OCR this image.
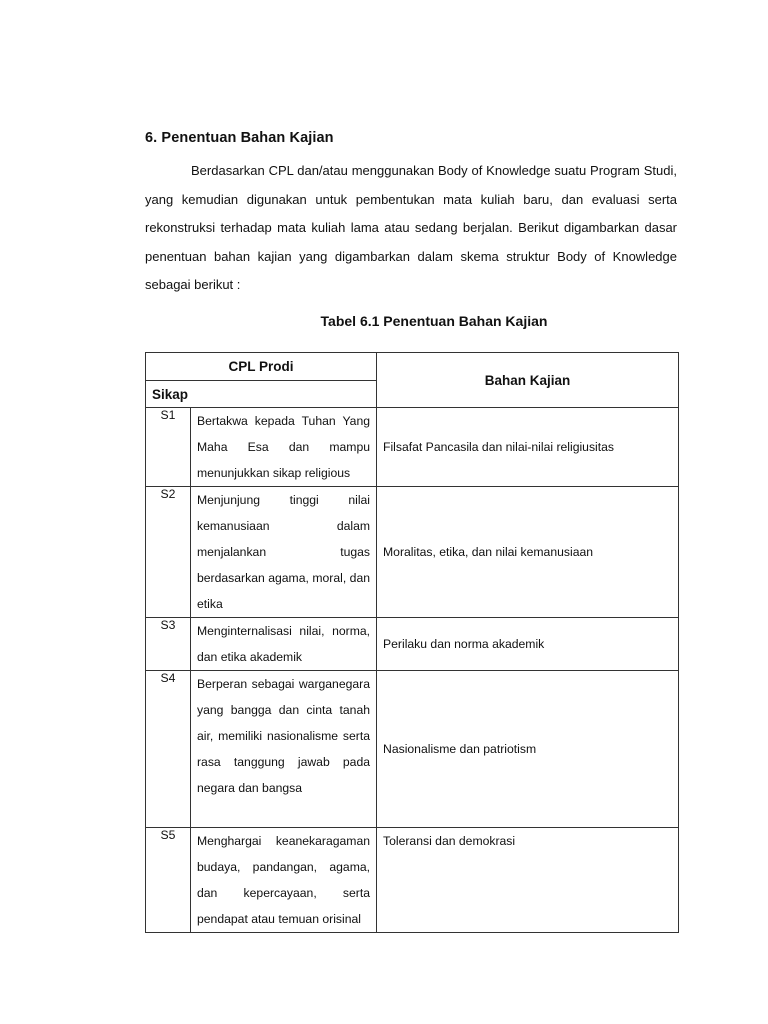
6. Penentuan Bahan Kajian

Berdasarkan CPL dan/atau menggunakan Body of Knowledge suatu Program Studi, yang kemudian digunakan untuk pembentukan mata kuliah baru, dan evaluasi serta rekonstruksi terhadap mata kuliah lama atau sedang berjalan. Berikut digambarkan dasar penentuan bahan kajian yang digambarkan dalam skema struktur Body of Knowledge sebagai berikut :

Tabel 6.1 Penentuan Bahan Kajian
CPL Prodi		Bahan Kajian
Sikap		
S1	Bertakwa kepada Tuhan Yang Maha Esa dan mampu menunjukkan sikap religious	Filsafat Pancasila dan nilai-nilai religiusitas
S2	Menjunjung tinggi nilai kemanusiaan dalam menjalankan tugas berdasarkan agama, moral, dan etika	Moralitas, etika, dan nilai kemanusiaan
S3	Menginternalisasi nilai, norma, dan etika akademik	Perilaku dan norma akademik
S4	Berperan sebagai warganegara yang bangga dan cinta tanah air, memiliki nasionalisme serta rasa tanggung jawab pada negara dan bangsa	Nasionalisme dan patriotism
S5	Menghargai keanekaragaman budaya, pandangan, agama, dan kepercayaan, serta pendapat atau temuan orisinal	Toleransi dan demokrasi
